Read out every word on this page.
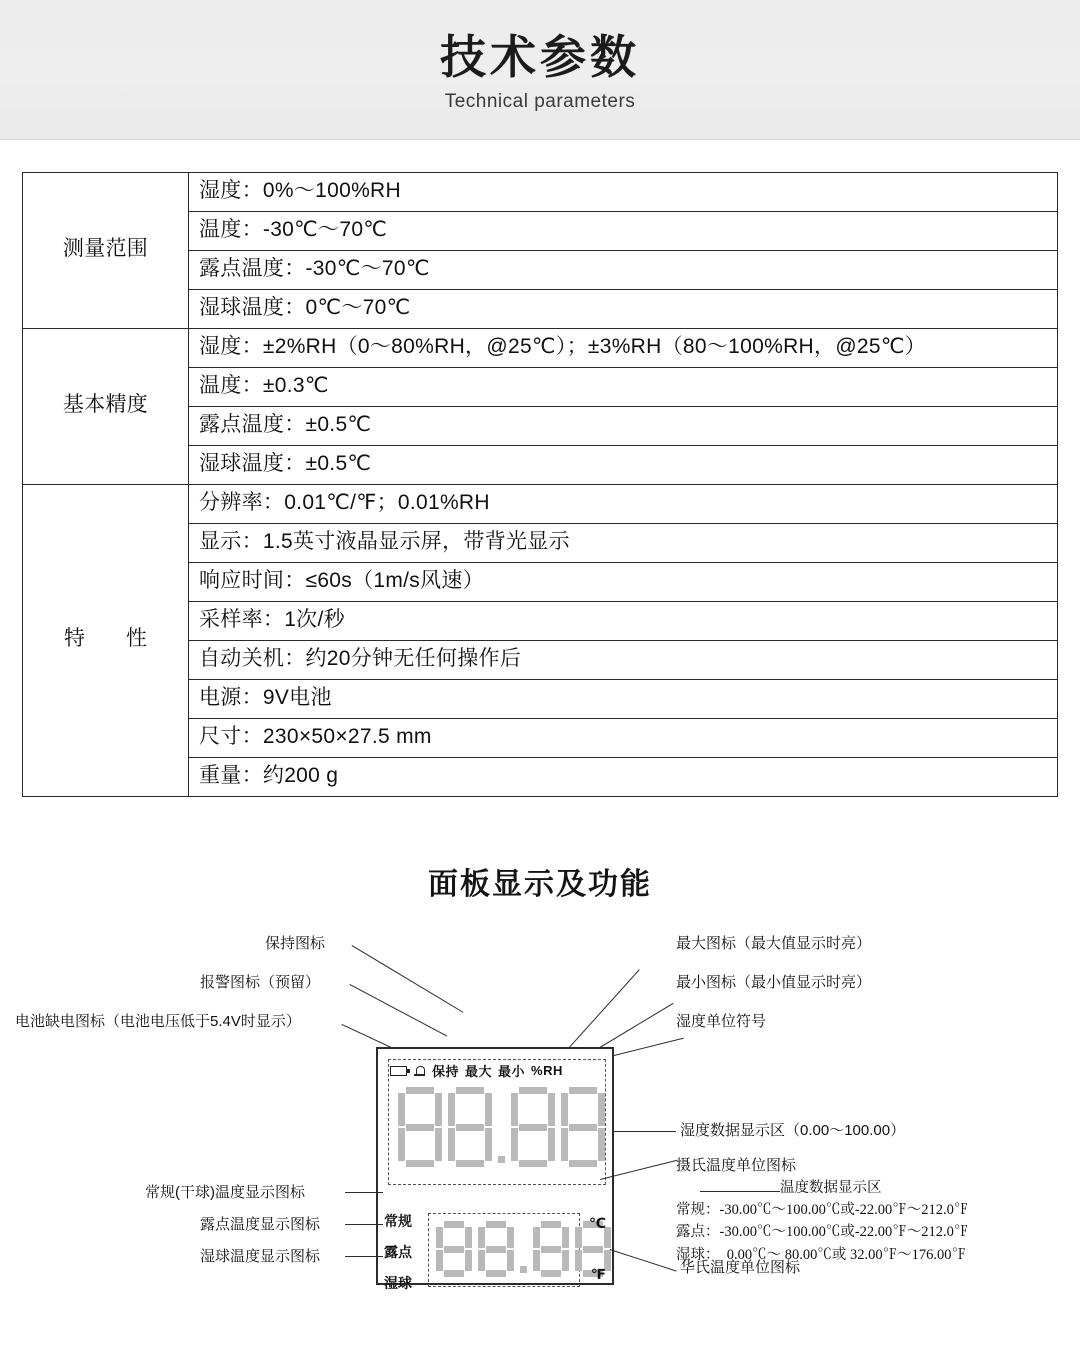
技术参数
Technical parameters
测量范围	湿度：0%～100%RH
	温度：-30℃～70℃
	露点温度：-30℃～70℃
	湿球温度：0℃～70℃
基本精度	湿度：±2%RH（0～80%RH，@25℃）；±3%RH（80～100%RH，@25℃）
	温度：±0.3℃
	露点温度：±0.5℃
	湿球温度：±0.5℃
特　性	分辨率：0.01℃/℉；0.01%RH
	显示：1.5英寸液晶显示屏，带背光显示
	响应时间：≤60s（1m/s风速）
	采样率：1次/秒
	自动关机：约20分钟无任何操作后
	电源：9V电池
	尺寸：230×50×27.5 mm
	重量：约200 g
面板显示及功能
保持图标
报警图标（预留）
电池缺电图标（电池电压低于5.4V时显示）
最大图标（最大值显示时亮）
最小图标（最小值显示时亮）
湿度单位符号
保持 最大 最小 %RH
常规
露点
湿球
℃
℉
湿度数据显示区（0.00～100.00）
摄氏温度单位图标
华氏温度单位图标
温度数据显示区
常规：-30.00℃～100.00℃或-22.00℉～212.0℉
露点：-30.00℃～100.00℃或-22.00℉～212.0℉
湿球：　0.00℃～ 80.00℃或 32.00℉～176.00℉
常规(干球)温度显示图标
露点温度显示图标
湿球温度显示图标
